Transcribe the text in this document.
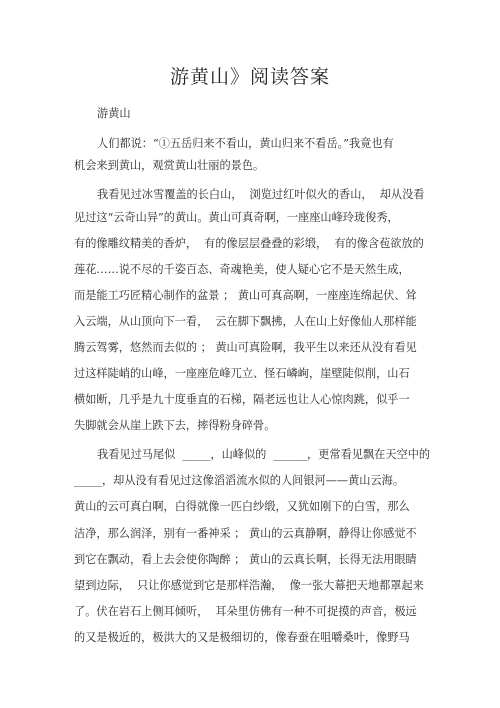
游黄山》阅读答案
游黄山
人们都说：“①五岳归来不看山，黄山归来不看岳。”我竟也有
机会来到黄山，观赏黄山壮丽的景色。
我看见过冰雪覆盖的长白山，  浏览过红叶似火的香山，  却从没看
见过这“云奇山异”的黄山。黄山可真奇啊，一座座山峰玲珑俊秀，
有的像雕纹精美的香炉，  有的像层层叠叠的彩缎，  有的像含苞欲放的
莲花……说不尽的千姿百态、奇魂艳美，使人疑心它不是天然生成，
而是能工巧匠精心制作的盆景 ； 黄山可真高啊，一座座连绵起伏、耸
入云端，从山顶向下一看，  云在脚下飘拂，人在山上好像仙人那样能
腾云驾雾，悠然而去似的 ； 黄山可真险啊，我平生以来还从没有看见
过这样陡峭的山峰，一座座危峰兀立、怪石嶙峋，崖壁陡似削，山石
横如断，几乎是九十度垂直的石梯，隔老远也让人心惊肉跳，似乎一
失脚就会从崖上跌下去，摔得粉身碎骨。
我看见过马尾似  _____，山峰似的  ______，更常看见飘在天空中的
_____，却从没有看见过这像滔滔流水似的人间银河——黄山云海。
黄山的云可真白啊，白得就像一匹白纱缎，又犹如刚下的白雪，那么
洁净，那么润泽，别有一番神采 ； 黄山的云真静啊，静得让你感觉不
到它在飘动，看上去会使你陶醉 ； 黄山的云真长啊，长得无法用眼睛
望到边际，  只让你感觉到它是那样浩瀚，  像一张大幕把天地都罩起来
了。伏在岩石上侧耳倾听，  耳朵里仿佛有一种不可捉摸的声音，极远
的又是极近的，极洪大的又是极细切的，像春蚕在咀嚼桑叶，像野马
